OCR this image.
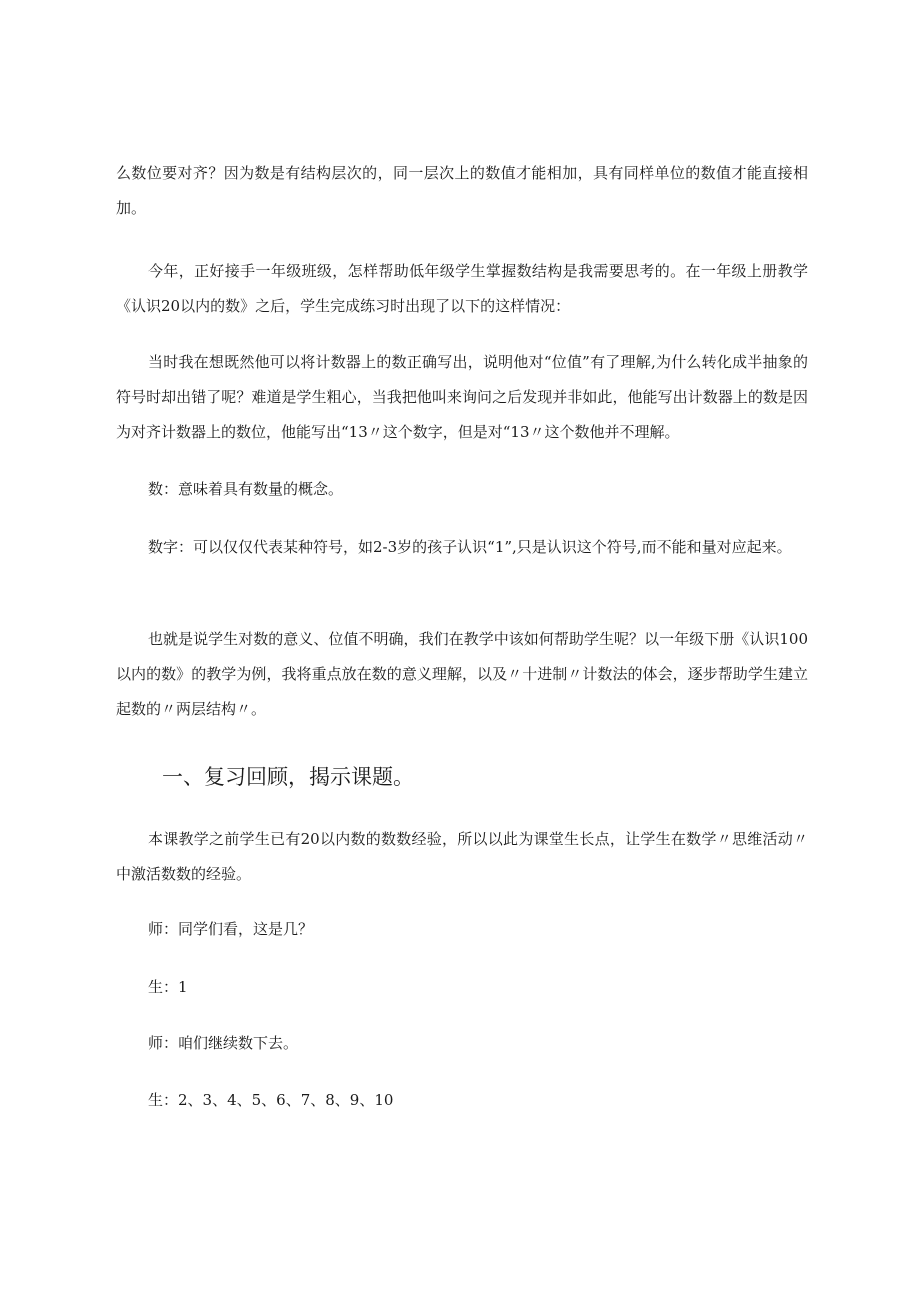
么数位要对齐？因为数是有结构层次的，同一层次上的数值才能相加，具有同样单位的数值才能直接相加。

今年，正好接手一年级班级，怎样帮助低年级学生掌握数结构是我需要思考的。在一年级上册教学《认识20以内的数》之后，学生完成练习时出现了以下的这样情况：

当时我在想既然他可以将计数器上的数正确写出，说明他对“位值”有了理解,为什么转化成半抽象的符号时却出错了呢？难道是学生粗心，当我把他叫来询问之后发现并非如此，他能写出计数器上的数是因为对齐计数器上的数位，他能写出“13〃这个数字，但是对“13〃这个数他并不理解。

数：意味着具有数量的概念。

数字：可以仅仅代表某种符号，如2-3岁的孩子认识“1”,只是认识这个符号,而不能和量对应起来。

也就是说学生对数的意义、位值不明确，我们在教学中该如何帮助学生呢？以一年级下册《认识100以内的数》的教学为例，我将重点放在数的意义理解，以及〃十进制〃计数法的体会，逐步帮助学生建立起数的〃两层结构〃。

一、复习回顾，揭示课题。

本课教学之前学生已有20以内数的数数经验，所以以此为课堂生长点，让学生在数学〃思维活动〃中激活数数的经验。

师：同学们看，这是几？

生：1

师：咱们继续数下去。

生：2、3、4、5、6、7、8、9、10
